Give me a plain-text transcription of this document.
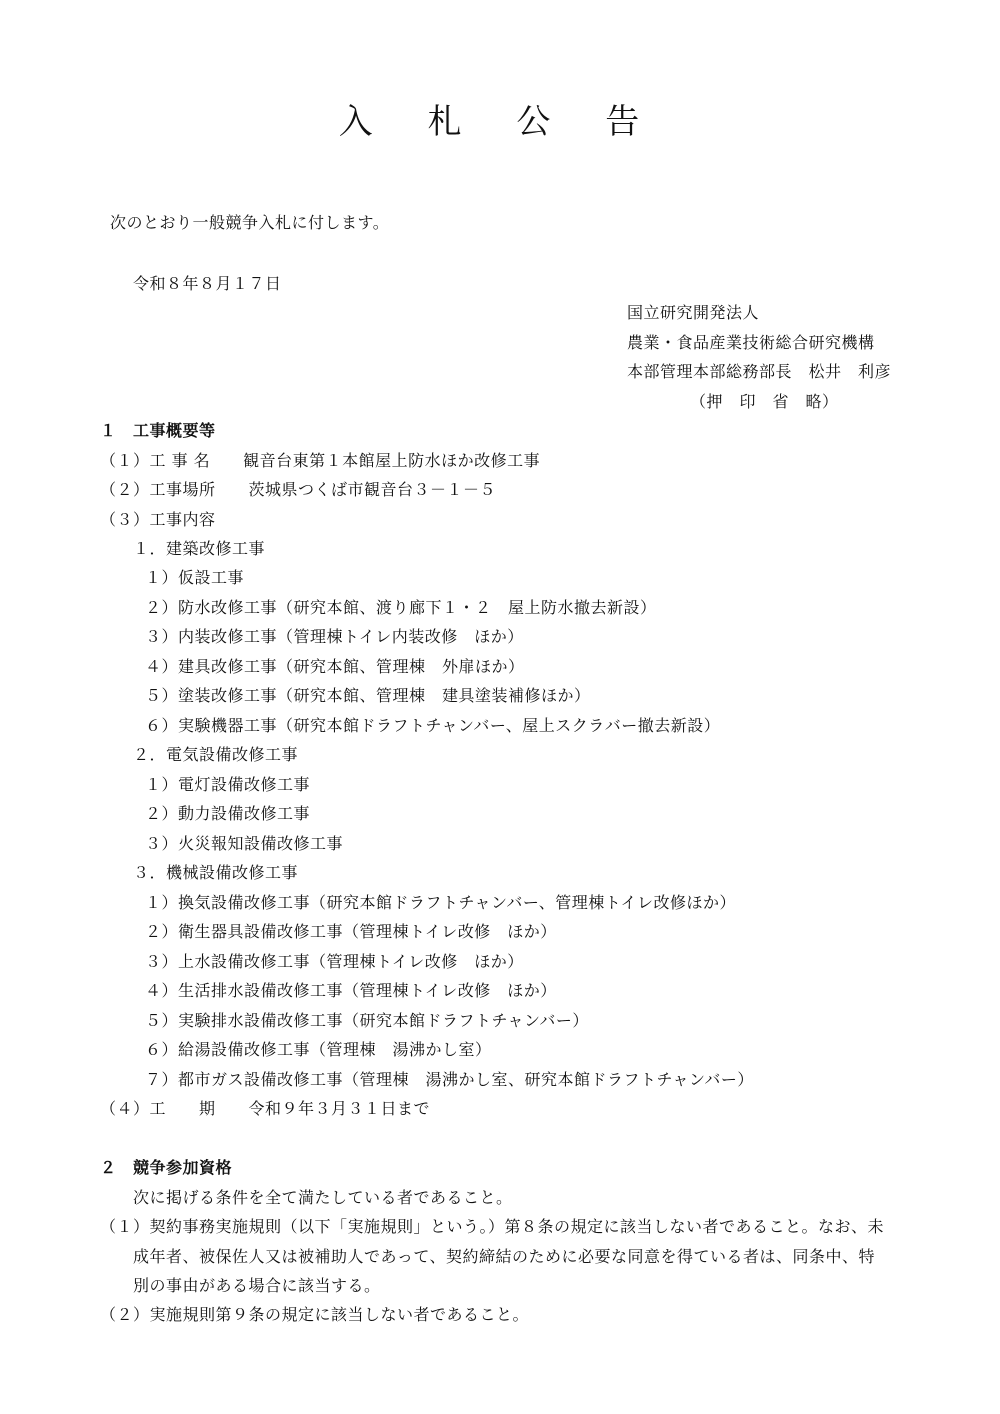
入 札 公 告
次のとおり一般競争入札に付します。
令和８年８月１７日
国立研究開発法人
農業・食品産業技術総合研究機構
本部管理本部総務部長　松井　利彦
（押　印　省　略）
１　工事概要等
（１）工 事 名　　観音台東第１本館屋上防水ほか改修工事
（２）工事場所　　茨城県つくば市観音台３－１－５
（３）工事内容
１．建築改修工事
１）仮設工事
２）防水改修工事（研究本館、渡り廊下１・２　屋上防水撤去新設）
３）内装改修工事（管理棟トイレ内装改修　ほか）
４）建具改修工事（研究本館、管理棟　外扉ほか）
５）塗装改修工事（研究本館、管理棟　建具塗装補修ほか）
６）実験機器工事（研究本館ドラフトチャンバー、屋上スクラバー撤去新設）
２．電気設備改修工事
１）電灯設備改修工事
２）動力設備改修工事
３）火災報知設備改修工事
３．機械設備改修工事
１）換気設備改修工事（研究本館ドラフトチャンバー、管理棟トイレ改修ほか）
２）衛生器具設備改修工事（管理棟トイレ改修　ほか）
３）上水設備改修工事（管理棟トイレ改修　ほか）
４）生活排水設備改修工事（管理棟トイレ改修　ほか）
５）実験排水設備改修工事（研究本館ドラフトチャンバー）
６）給湯設備改修工事（管理棟　湯沸かし室）
７）都市ガス設備改修工事（管理棟　湯沸かし室、研究本館ドラフトチャンバー）
（４）工　　期　　令和９年３月３１日まで
２　競争参加資格
次に掲げる条件を全て満たしている者であること。
（１）契約事務実施規則（以下「実施規則」という。）第８条の規定に該当しない者であること。なお、未
成年者、被保佐人又は被補助人であって、契約締結のために必要な同意を得ている者は、同条中、特
別の事由がある場合に該当する。
（２）実施規則第９条の規定に該当しない者であること。
